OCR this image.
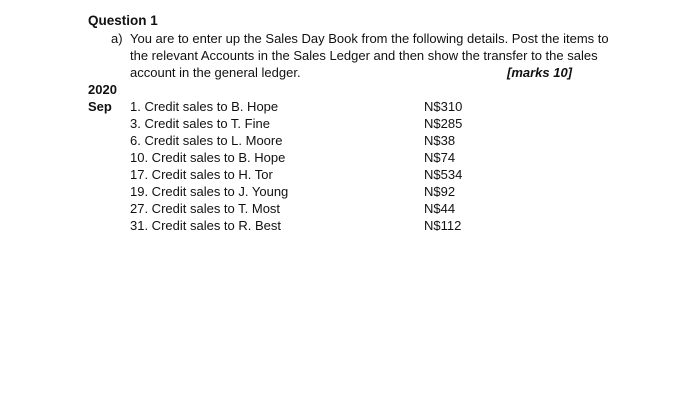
Question 1
a) You are to enter up the Sales Day Book from the following details. Post the items to
the relevant Accounts in the Sales Ledger and then show the transfer to the sales
account in the general ledger.	[marks 10]
2020
Sep 1. Credit sales to B. Hope	N$310
3. Credit sales to T. Fine	N$285
6. Credit sales to L. Moore	N$38
10. Credit sales to B. Hope	N$74
17. Credit sales to H. Tor	N$534
19. Credit sales to J. Young	N$92
27. Credit sales to T. Most	N$44
31. Credit sales to R. Best	N$112
